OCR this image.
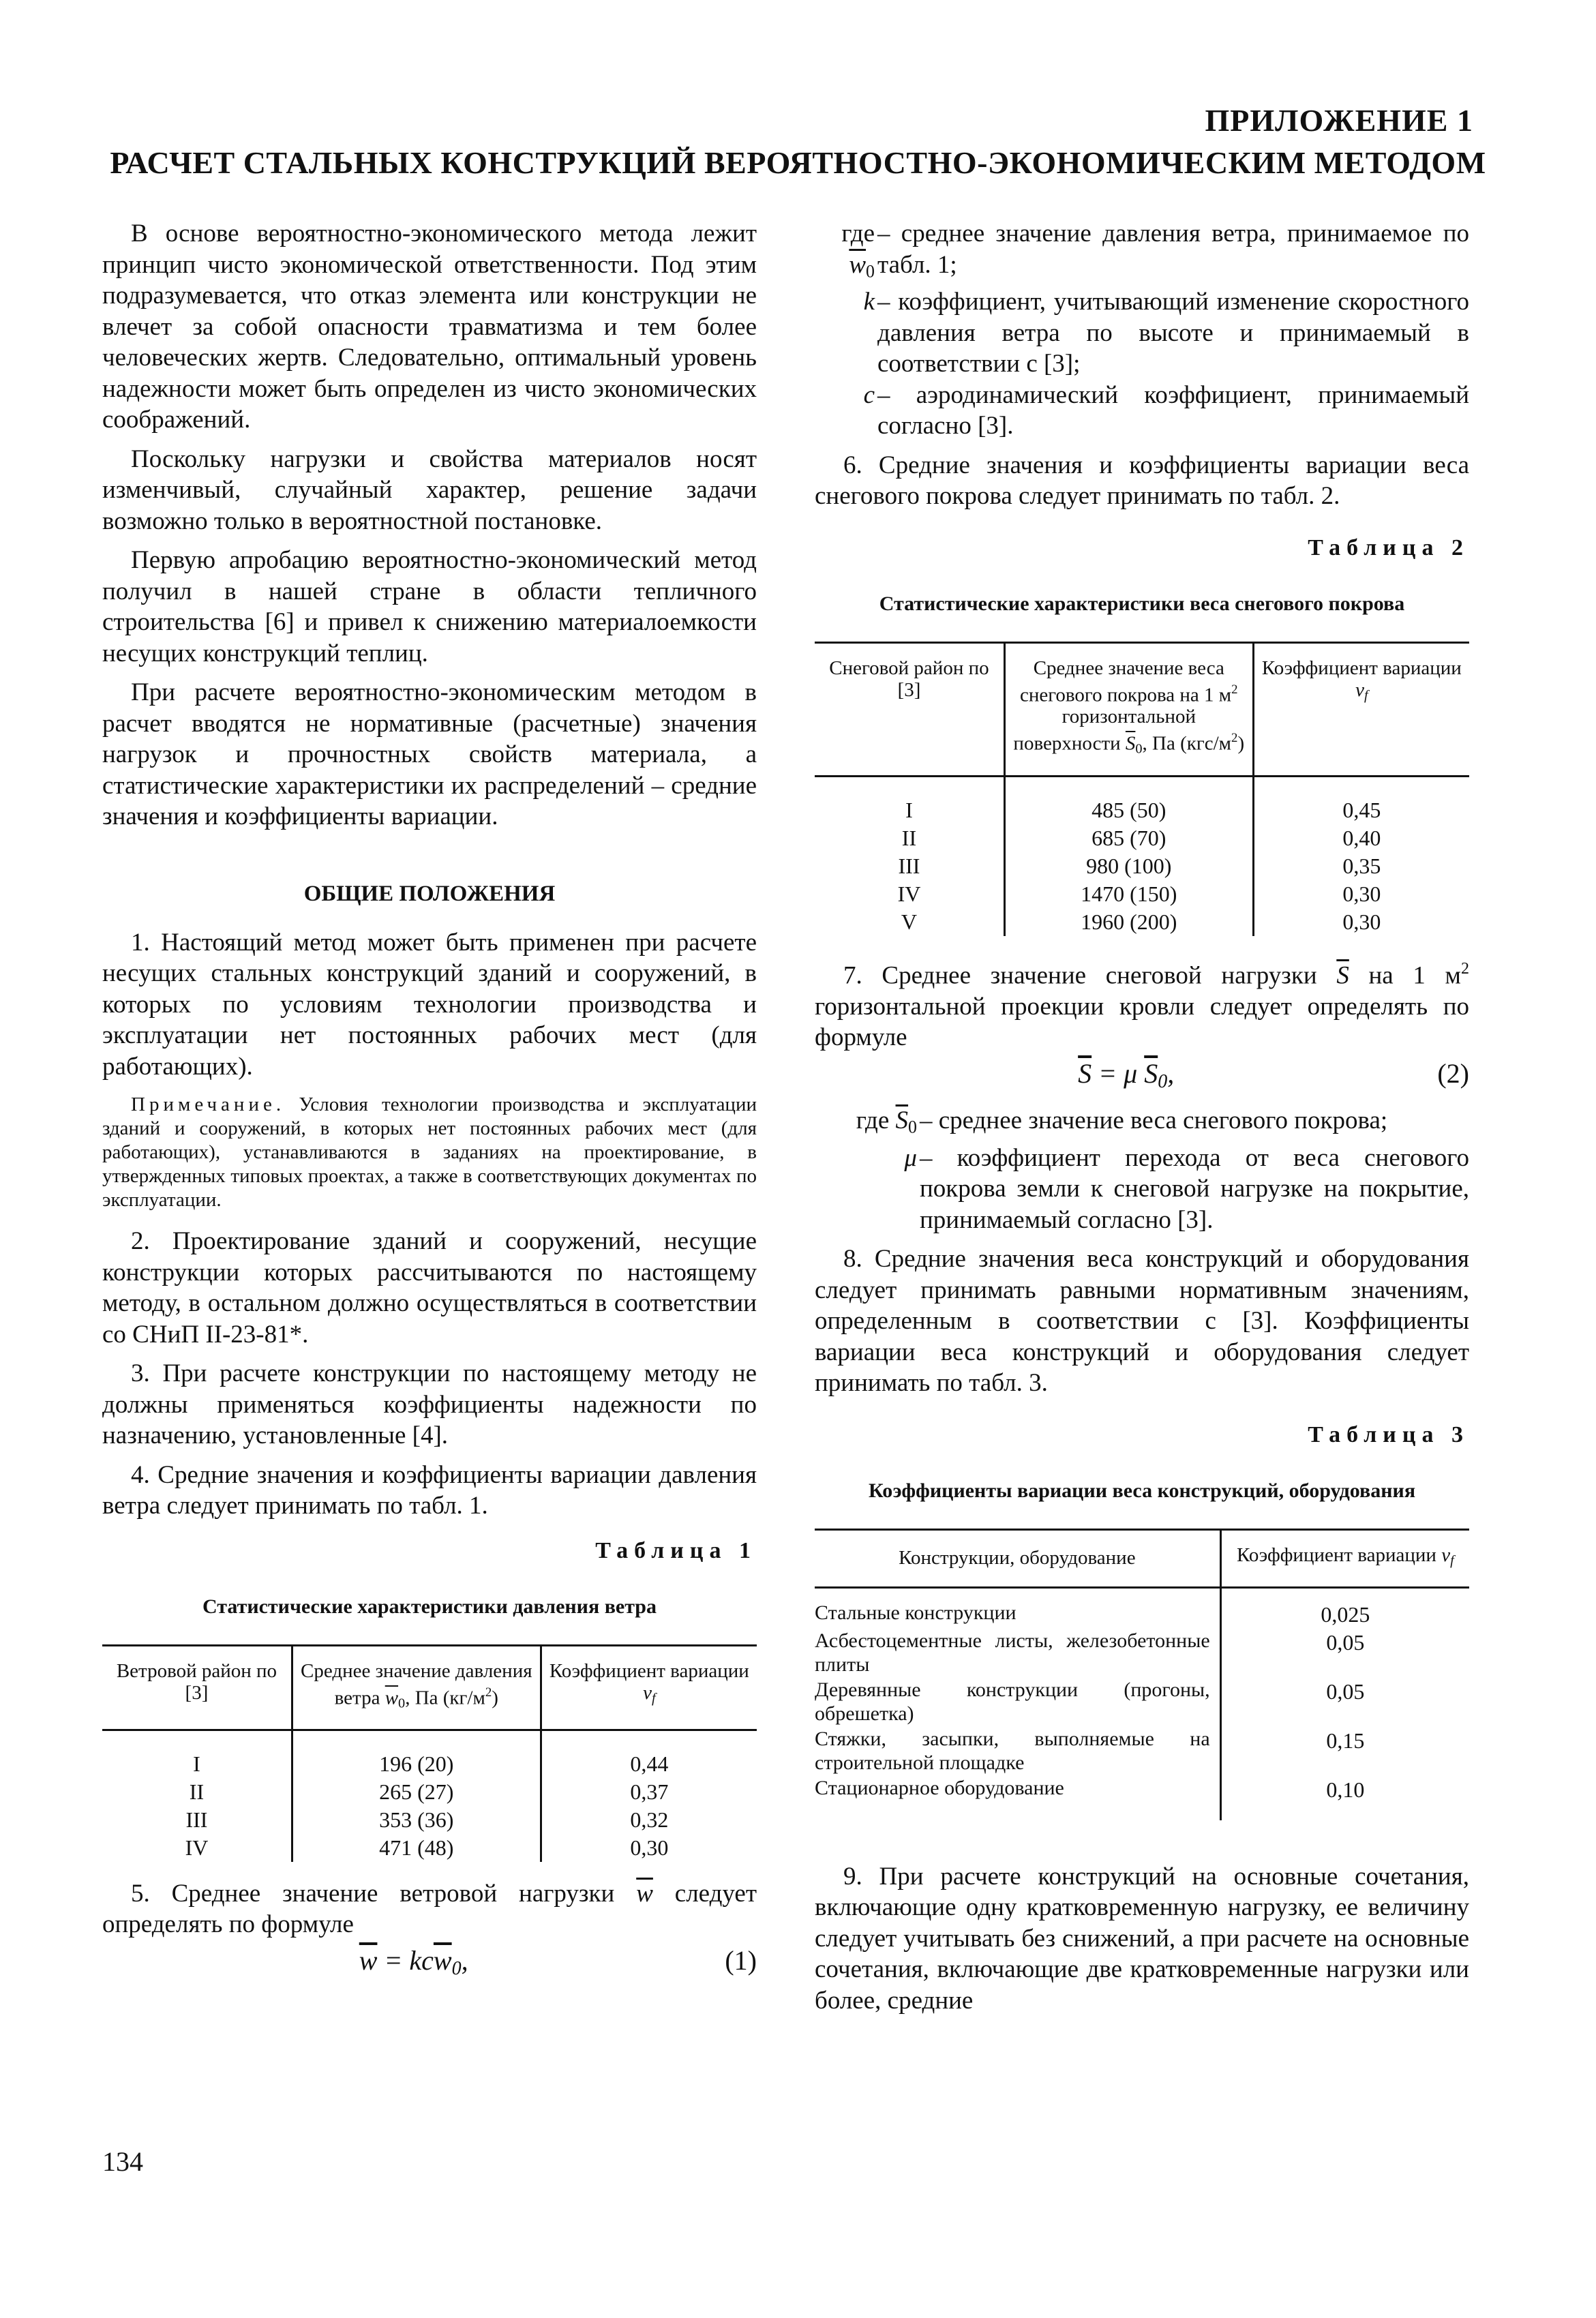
ПРИЛОЖЕНИЕ 1
РАСЧЕТ СТАЛЬНЫХ КОНСТРУКЦИЙ ВЕРОЯТНОСТНО-ЭКОНОМИЧЕСКИМ МЕТОДОМ

В основе вероятностно-экономического метода лежит принцип чисто экономической ответственности. Под этим подразумевается, что отказ элемента или конструкции не влечет за собой опасности травматизма и тем более человеческих жертв. Следовательно, оптимальный уровень надежности может быть определен из чисто экономических соображений.

Поскольку нагрузки и свойства материалов носят изменчивый, случайный характер, решение задачи возможно только в вероятностной постановке.

Первую апробацию вероятностно-экономический метод получил в нашей стране в области тепличного строительства [6] и привел к снижению материалоемкости несущих конструкций теплиц.

При расчете вероятностно-экономическим методом в расчет вводятся не нормативные (расчетные) значения нагрузок и прочностных свойств материала, а статистические характеристики их распределений – средние значения и коэффициенты вариации.

ОБЩИЕ ПОЛОЖЕНИЯ

1. Настоящий метод может быть применен при расчете несущих стальных конструкций зданий и сооружений, в которых по условиям технологии производства и эксплуатации нет постоянных рабочих мест (для работающих).

Примечание. Условия технологии производства и эксплуатации зданий и сооружений, в которых нет постоянных рабочих мест (для работающих), устанавливаются в заданиях на проектирование, в утвержденных типовых проектах, а также в соответствующих документах по эксплуатации.

2. Проектирование зданий и сооружений, несущие конструкции которых рассчитываются по настоящему методу, в остальном должно осуществляться в соответствии со СНиП II-23-81*.

3. При расчете конструкции по настоящему методу не должны применяться коэффициенты надежности по назначению, установленные [4].

4. Средние значения и коэффициенты вариации давления ветра следует принимать по табл. 1.

Таблица 1
Статистические характеристики давления ветра
Ветровой район по [3]	Среднее значение давления ветра $\overline{w}_0$, Па $(кг/м^2)$	Коэффициент вариации $v_f$
I	196 (20)	0,44
II	265 (27)	0,37
III	353 (36)	0,32
IV	471 (48)	0,30

5. Среднее значение ветровой нагрузки $\overline{w}$ следует определять по формуле

$\overline{w} = kc\overline{w}_0$,	(1)
где $\overline{w}_0$
– среднее значение давления ветра, принимаемое по табл. 1;
k – коэффициент, учитывающий изменение скоростного давления ветра по высоте и принимаемый в соответствии с [3];
c – аэродинамический коэффициент, принимаемый согласно [3].

6. Средние значения и коэффициенты вариации веса снегового покрова следует принимать по табл. 2.

Таблица 2
Статистические характеристики веса снегового покрова
Снеговой район по [3]	Среднее значение веса снегового покрова на 1 $м^2$ горизонтальной поверхности $\overline{S}_0$, Па $(кгс/м^2)$	Коэффициент вариации $v_f$
I	485 (50)	0,45
II	685 (70)	0,40
III	980 (100)	0,35
IV	1470 (150)	0,30
V	1960 (200)	0,30

7. Среднее значение снеговой нагрузки $\overline{S}$ на 1 $м^2$ горизонтальной проекции кровли следует определять по формуле

$\overline{S} = \mu$ $\overline{S}_0$,	(2)
где $\overline{S}_0$ – среднее значение веса снегового покрова;
μ – коэффициент перехода от веса снегового покрова земли к снеговой нагрузке на покрытие, принимаемый согласно [3].

8. Средние значения веса конструкций и оборудования следует принимать равными нормативным значениям, определенным в соответствии с [3]. Коэффициенты вариации веса конструкций и оборудования следует принимать по табл. 3.

Таблица 3
Коэффициенты вариации веса конструкций, оборудования
Конструкции, оборудование	Коэффициент вариации $v_f$
Стальные конструкции	0,025
Асбестоцементные листы, железобетонные плиты	0,05
Деревянные конструкции (прогоны, обрешетка)	0,05
Стяжки, засыпки, выполняемые на строительной площадке	0,15
Стационарное оборудование	0,10

9. При расчете конструкций на основные сочетания, включающие одну кратковременную нагрузку, ее величину следует учитывать без снижений, а при расчете на основные сочетания, включающие две кратковременные нагрузки или более, средние

134
